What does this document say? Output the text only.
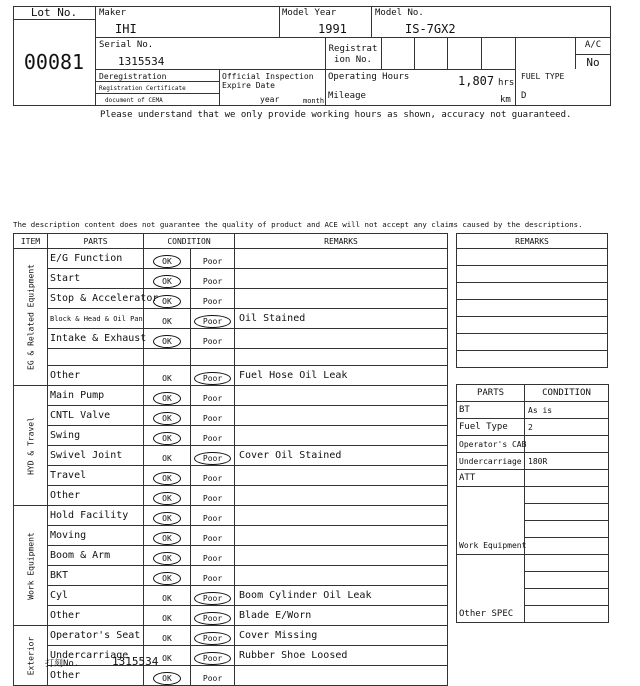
Lot No.
00081
Maker
IHI
Model Year
1991
Model No.
IS-7GX2
Serial No.
1315534
Registration No.
A/C
No
Deregistration
Registration Certificate
document of CEMA
Official Inspection
Expire Date
year	month
Operating Hours	1,807 hrs
Mileage	km
FUEL TYPE
D
Please understand that we only provide working hours as shown, accuracy not guaranteed.
The description content does not guarantee the quality of product and ACE will not accept any claims caused by the descriptions.
ITEM	PARTS	CONDITION		REMARKS

EG & Related Equipment	E/G Function	OK	Poor	
	Start	OK	Poor	
	Stop & Accelerator	OK	Poor	
	Block & Head & Oil Pan	OK	Poor	Oil Stained
	Intake & Exhaust	OK	Poor	

	Other	OK	Poor	Fuel Hose Oil Leak

HYD & Travel	Main Pump	OK	Poor	
	CNTL Valve	OK	Poor	
	Swing	OK	Poor	
	Swivel Joint	OK	Poor	Cover Oil Stained
	Travel	OK	Poor	
	Other	OK	Poor	

Work Equipment	Hold Facility	OK	Poor	
	Moving	OK	Poor	
	Boom & Arm	OK	Poor	
	BKT	OK	Poor	
	Cyl	OK	Poor	Boom Cylinder Oil Leak
	Other	OK	Poor	Blade E/Worn

Exterior	Operator's Seat	OK	Poor	Cover Missing
	Undercarriage	OK	Poor	Rubber Shoe Loosed
	Other	OK	Poor	
REMARKS

PARTS	CONDITION
BT	As is
Fuel Type	2
Operator's CAB	
Undercarriage	180R
ATT	

Work Equipment	

Other SPEC	
打刻No.	1315534
